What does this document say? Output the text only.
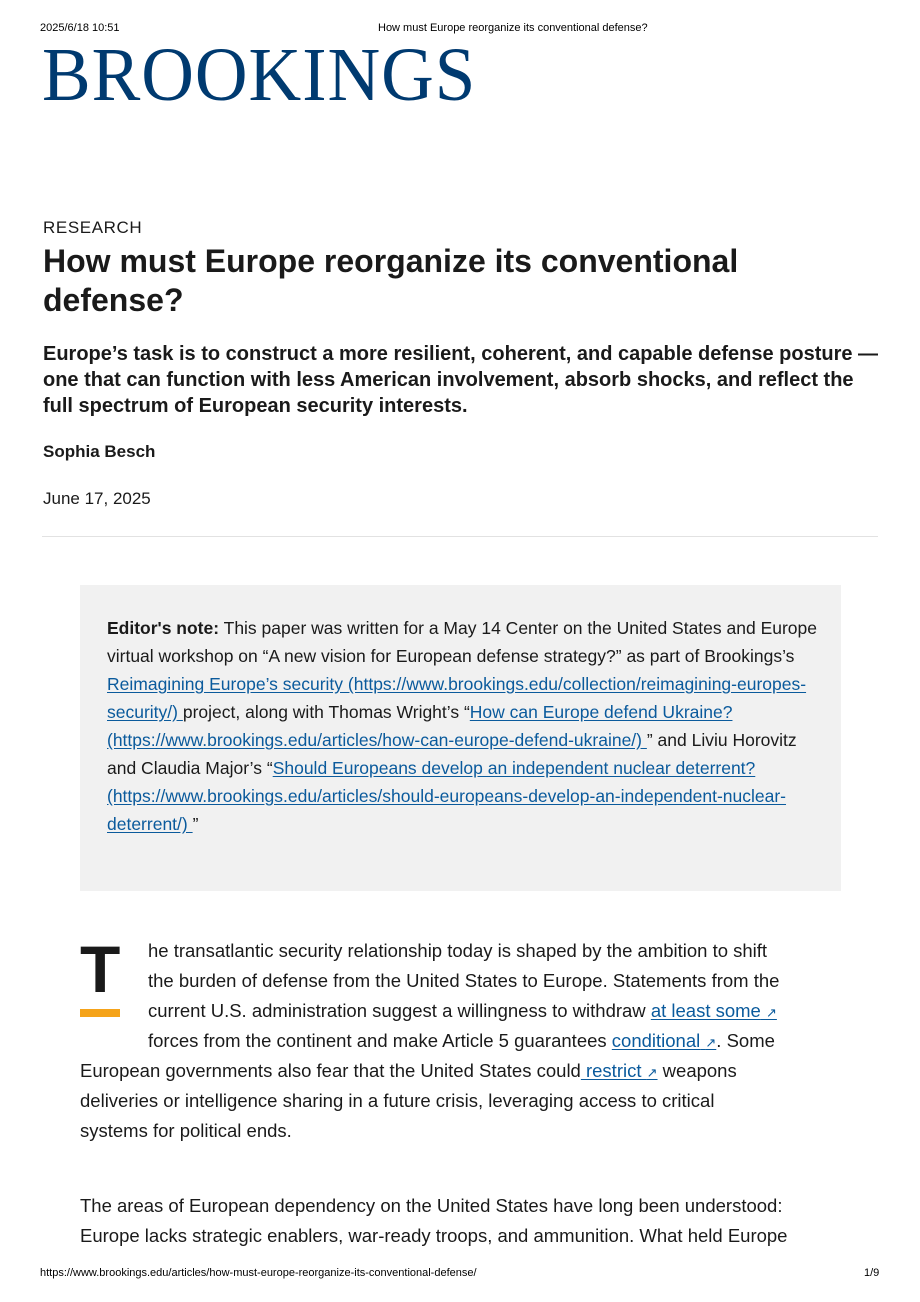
2025/6/18 10:51	How must Europe reorganize its conventional defense?
BROOKINGS
RESEARCH
How must Europe reorganize its conventional defense?

Europe’s task is to construct a more resilient, coherent, and capable defense posture —one that can function with less American involvement, absorb shocks, and reflect the full spectrum of European security interests.

Sophia Besch
June 17, 2025
Editor's note: This paper was written for a May 14 Center on the United States and Europe virtual workshop on “A new vision for European defense strategy?” as part of Brookings’s Reimagining Europe’s security (https://www.brookings.edu/collection/reimagining-europes-security/) project, along with Thomas Wright’s “How can Europe defend Ukraine? (https://www.brookings.edu/articles/how-can-europe-defend-ukraine/) ” and Liviu Horovitz and Claudia Major’s “Should Europeans develop an independent nuclear deterrent? (https://www.brookings.edu/articles/should-europeans-develop-an-independent-nuclear-deterrent/) ”
T he transatlantic security relationship today is shaped by the ambition to shift
the burden of defense from the United States to Europe. Statements from the
current U.S. administration suggest a willingness to withdraw at least some ↗
forces from the continent and make Article 5 guarantees conditional ↗. Some
European governments also fear that the United States could restrict ↗ weapons
deliveries or intelligence sharing in a future crisis, leveraging access to critical
systems for political ends.
The areas of European dependency on the United States have long been understood:
Europe lacks strategic enablers, war-ready troops, and ammunition. What held Europe
https://www.brookings.edu/articles/how-must-europe-reorganize-its-conventional-defense/	1/9
